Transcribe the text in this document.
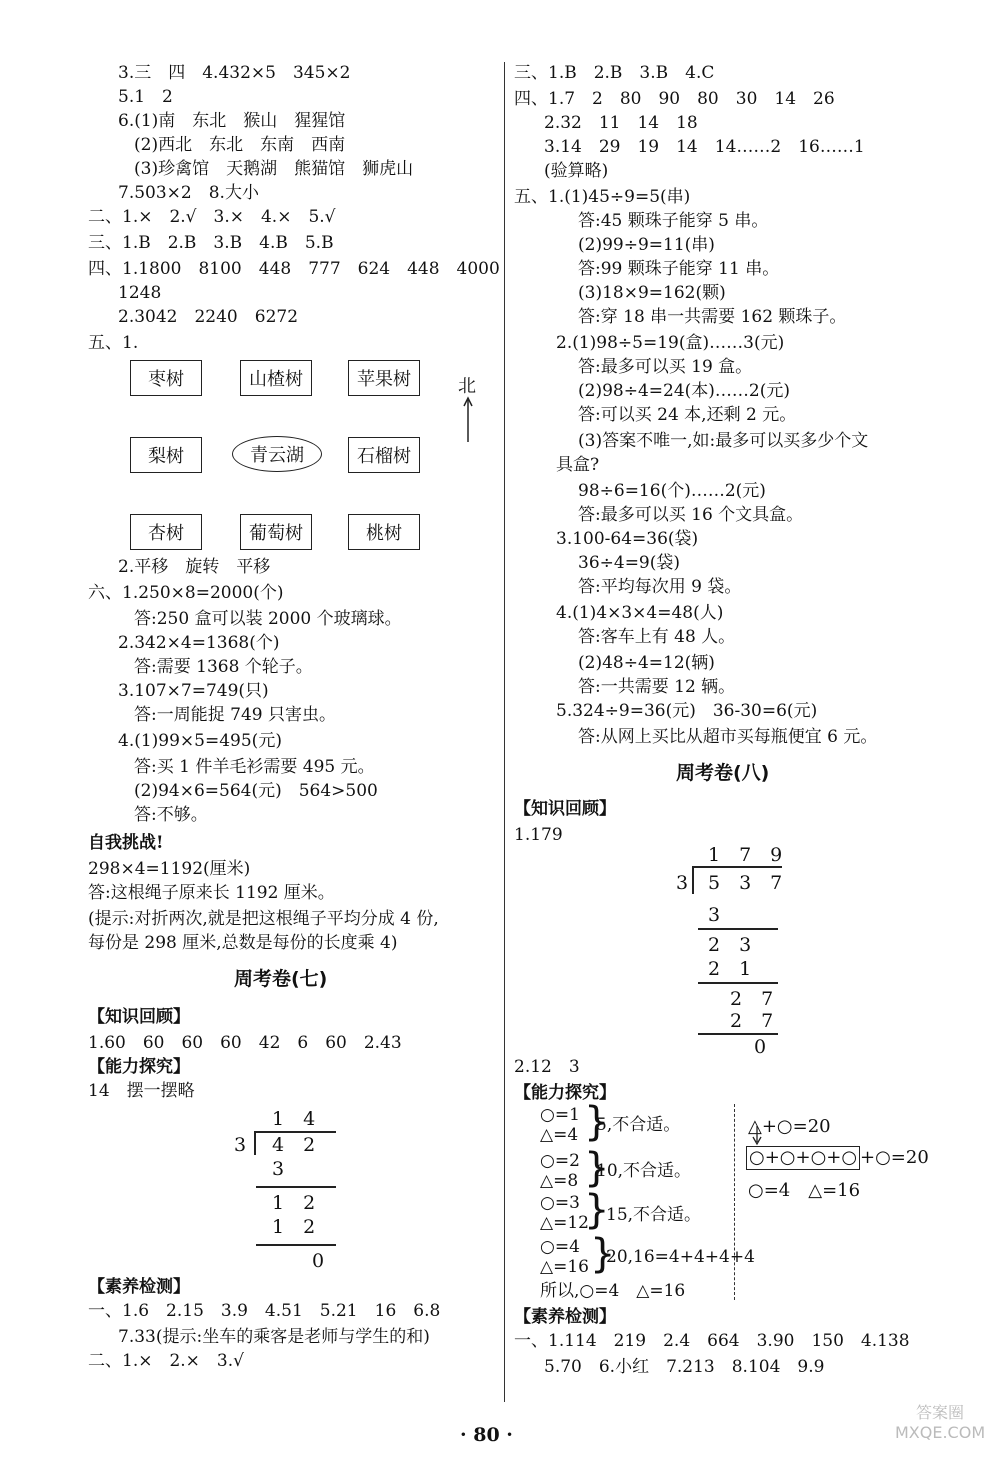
3.三　四　4.432×5　345×2
5.1　2
6.(1)南　东北　猴山　猩猩馆
(2)西北　东北　东南　西南
(3)珍禽馆　天鹅湖　熊猫馆　狮虎山
7.503×2　8.大小
二、1.×　2.√　3.×　4.×　5.√
三、1.B　2.B　3.B　4.B　5.B
四、1.1800　8100　448　777　624　448　4000
1248
2.3042　2240　6272
五、1.
枣树	山楂树	苹果树
梨树	青云湖	石榴树
杏树	葡萄树	桃树
北
2.平移　旋转　平移
六、1.250×8=2000(个)
答:250 盒可以装 2000 个玻璃球。
2.342×4=1368(个)
答:需要 1368 个轮子。
3.107×7=749(只)
答:一周能捉 749 只害虫。
4.(1)99×5=495(元)
答:买 1 件羊毛衫需要 495 元。
(2)94×6=564(元)　564>500
答:不够。
自我挑战!
298×4=1192(厘米)
答:这根绳子原来长 1192 厘米。
(提示:对折两次,就是把这根绳子平均分成 4 份,
每份是 298 厘米,总数是每份的长度乘 4)
周考卷(七)
【知识回顾】
1.60　60　60　60　42　6　60　2.43
【能力探究】
14　摆一摆略
1　4
3 4　2
3
1　2
1　2
0
【素养检测】
一、1.6　2.15　3.9　4.51　5.21　16　6.8
7.33(提示:坐车的乘客是老师与学生的和)
二、1.×　2.×　3.√
三、1.B　2.B　3.B　4.C
四、1.7　2　80　90　80　30　14　26
2.32　11　14　18
3.14　29　19　14　14……2　16……1
(验算略)
五、1.(1)45÷9=5(串)
答:45 颗珠子能穿 5 串。
(2)99÷9=11(串)
答:99 颗珠子能穿 11 串。
(3)18×9=162(颗)
答:穿 18 串一共需要 162 颗珠子。
2.(1)98÷5=19(盒)……3(元)
答:最多可以买 19 盒。
(2)98÷4=24(本)……2(元)
答:可以买 24 本,还剩 2 元。
(3)答案不唯一,如:最多可以买多少个文
具盒?
98÷6=16(个)……2(元)
答:最多可以买 16 个文具盒。
3.100-64=36(袋)
36÷4=9(袋)
答:平均每次用 9 袋。
4.(1)4×3×4=48(人)
答:客车上有 48 人。
(2)48÷4=12(辆)
答:一共需要 12 辆。
5.324÷9=36(元)　36-30=6(元)
答:从网上买比从超市买每瓶便宜 6 元。
周考卷(八)
【知识回顾】
1.179
1　7　9
3 5　3　7
3
2　3
2　1
2　7
2　7
0
2.12　3
【能力探究】
○=1
△=4 }
5,不合适。
○=2
△=8 }
10,不合适。
○=3
△=12
}
15,不合适。
○=4
△=16 }
20,16=4+4+4+4
所以,○=4　△=16
△+○=20
○+○+○+○ +○=20
○=4　△=16
【素养检测】
一、1.114　219　2.4　664　3.90　150　4.138
5.70　6.小红　7.213　8.104　9.9
· 80 ·
答案圈
MXQE.COM
